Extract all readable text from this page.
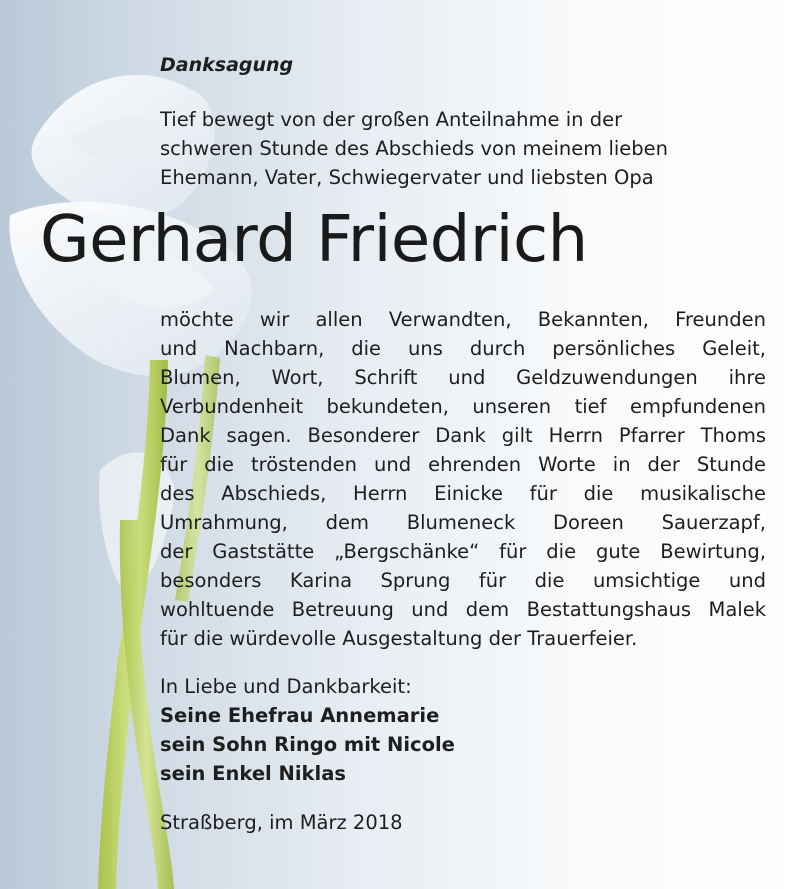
Danksagung

Tief bewegt von der großen Anteilnahme in der
schweren Stunde des Abschieds von meinem lieben
Ehemann, Vater, Schwiegervater und liebsten Opa

Gerhard Friedrich

möchte wir allen Verwandten, Bekannten, Freunden
und Nachbarn, die uns durch persönliches Geleit,
Blumen, Wort, Schrift und Geldzuwendungen ihre
Verbundenheit bekundeten, unseren tief empfundenen
Dank sagen. Besonderer Dank gilt Herrn Pfarrer Thoms
für die tröstenden und ehrenden Worte in der Stunde
des Abschieds, Herrn Einicke für die musikalische
Umrahmung, dem Blumeneck Doreen Sauerzapf,
der Gaststätte „Bergschänke“ für die gute Bewirtung,
besonders Karina Sprung für die umsichtige und
wohltuende Betreuung und dem Bestattungshaus Malek
für die würdevolle Ausgestaltung der Trauerfeier.

In Liebe und Dankbarkeit:
Seine Ehefrau Annemarie
sein Sohn Ringo mit Nicole
sein Enkel Niklas

Straßberg, im März 2018
